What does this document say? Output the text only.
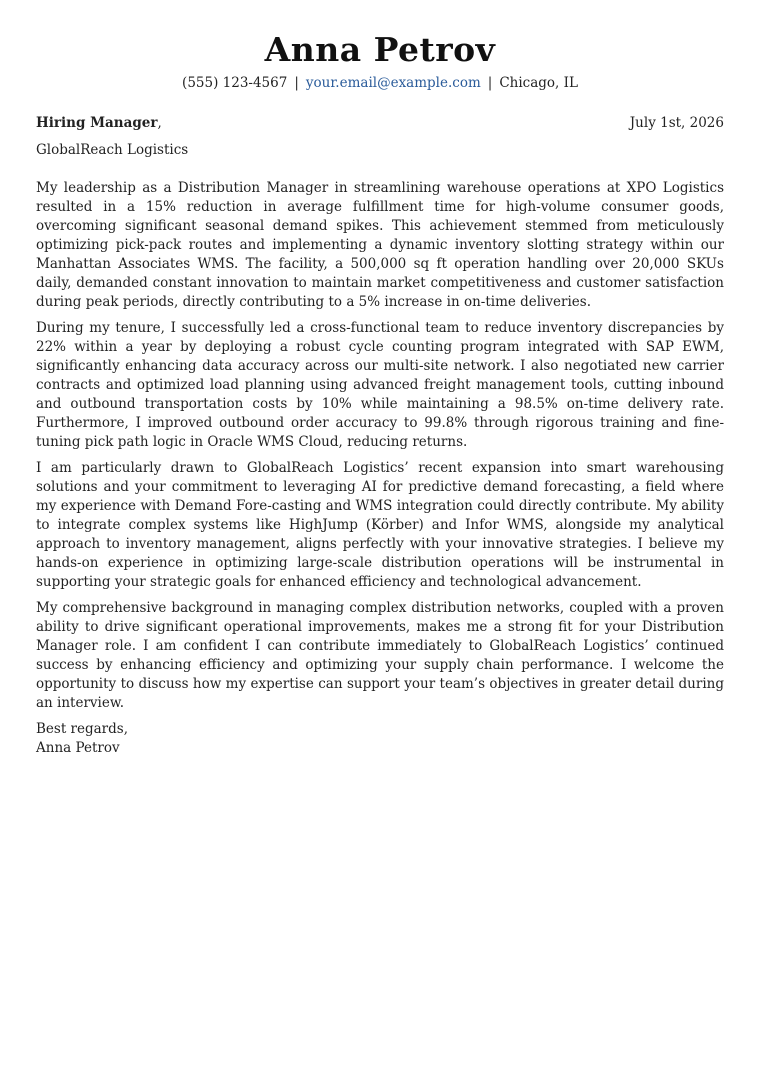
Anna Petrov
(555) 123-4567 | your.email@example.com | Chicago, IL
Hiring Manager,	July 1st, 2026
GlobalReach Logistics

My leadership as a Distribution Manager in streamlining warehouse operations at XPO Logistics resulted in a 15% reduction in average fulfillment time for high-volume consumer goods, overcoming significant seasonal demand spikes. This achievement stemmed from meticulously optimizing pick-pack routes and implementing a dynamic inventory slotting strategy within our Manhattan Associates WMS. The facility, a 500,000 sq ft operation handling over 20,000 SKUs daily, demanded constant innovation to maintain market competitiveness and customer satisfaction during peak periods, directly contributing to a 5% increase in on-time deliveries.

During my tenure, I successfully led a cross-functional team to reduce inventory discrepancies by 22% within a year by deploying a robust cycle counting program integrated with SAP EWM, significantly enhancing data accuracy across our multi-site network. I also negotiated new carrier contracts and optimized load planning using advanced freight management tools, cutting inbound and outbound transportation costs by 10% while maintaining a 98.5% on-time delivery rate. Furthermore, I improved outbound order accuracy to 99.8% through rigorous training and fine-tuning pick path logic in Oracle WMS Cloud, reducing returns.

I am particularly drawn to GlobalReach Logistics’ recent expansion into smart warehousing solutions and your commitment to leveraging AI for predictive demand forecasting, a field where my experience with Demand Fore-casting and WMS integration could directly contribute. My ability to integrate complex systems like HighJump (Körber) and Infor WMS, alongside my analytical approach to inventory management, aligns perfectly with your innovative strategies. I believe my hands-on experience in optimizing large-scale distribution operations will be instrumental in supporting your strategic goals for enhanced efficiency and technological advancement.

My comprehensive background in managing complex distribution networks, coupled with a proven ability to drive significant operational improvements, makes me a strong fit for your Distribution Manager role. I am confident I can contribute immediately to GlobalReach Logistics’ continued success by enhancing efficiency and optimizing your supply chain performance. I welcome the opportunity to discuss how my expertise can support your team’s objectives in greater detail during an interview.

Best regards,
Anna Petrov
